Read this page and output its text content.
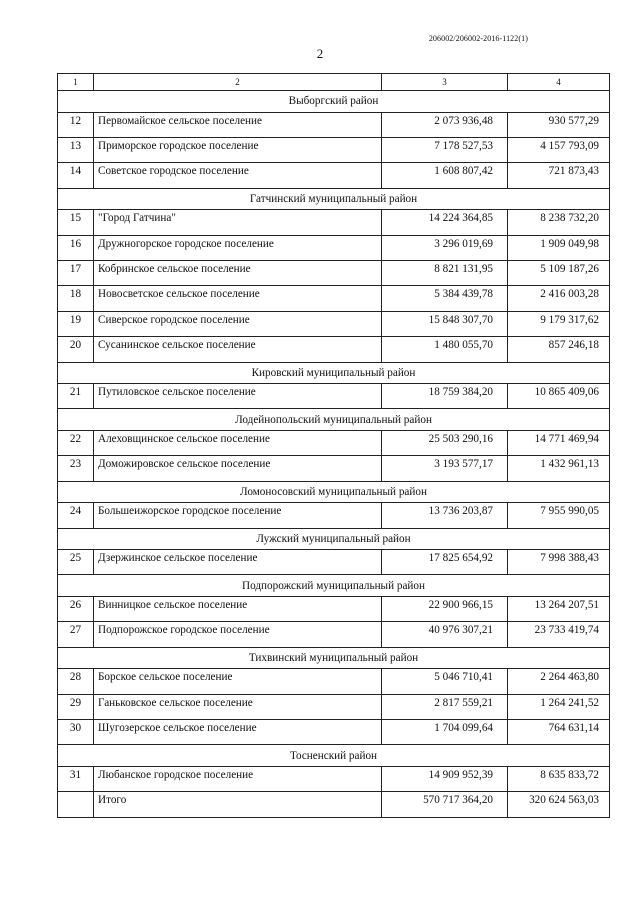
206002/206002-2016-1122(1)
2
1	2	3	4
Выборгский район			
12	Первомайское сельское поселение	2 073 936,48	930 577,29
13	Приморское городское поселение	7 178 527,53	4 157 793,09
14	Советское городское поселение	1 608 807,42	721 873,43
Гатчинский муниципальный район			
15	"Город Гатчина"	14 224 364,85	8 238 732,20
16	Дружногорское городское поселение	3 296 019,69	1 909 049,98
17	Кобринское сельское поселение	8 821 131,95	5 109 187,26
18	Новосветское сельское поселение	5 384 439,78	2 416 003,28
19	Сиверское городское поселение	15 848 307,70	9 179 317,62
20	Сусанинское сельское поселение	1 480 055,70	857 246,18
Кировский муниципальный район			
21	Путиловское сельское поселение	18 759 384,20	10 865 409,06
Лодейнопольский муниципальный район			
22	Алеховщинское сельское поселение	25 503 290,16	14 771 469,94
23	Доможировское сельское поселение	3 193 577,17	1 432 961,13
Ломоносовский муниципальный район			
24	Большеижорское городское поселение	13 736 203,87	7 955 990,05
Лужский муниципальный район			
25	Дзержинское сельское поселение	17 825 654,92	7 998 388,43
Подпорожский муниципальный район			
26	Винницкое сельское поселение	22 900 966,15	13 264 207,51
27	Подпорожское городское поселение	40 976 307,21	23 733 419,74
Тихвинский муниципальный район			
28	Борское сельское поселение	5 046 710,41	2 264 463,80
29	Ганьковское сельское поселение	2 817 559,21	1 264 241,52
30	Шугозерское сельское поселение	1 704 099,64	764 631,14
Тосненский район			
31	Любанское городское поселение	14 909 952,39	8 635 833,72
	Итого	570 717 364,20	320 624 563,03
